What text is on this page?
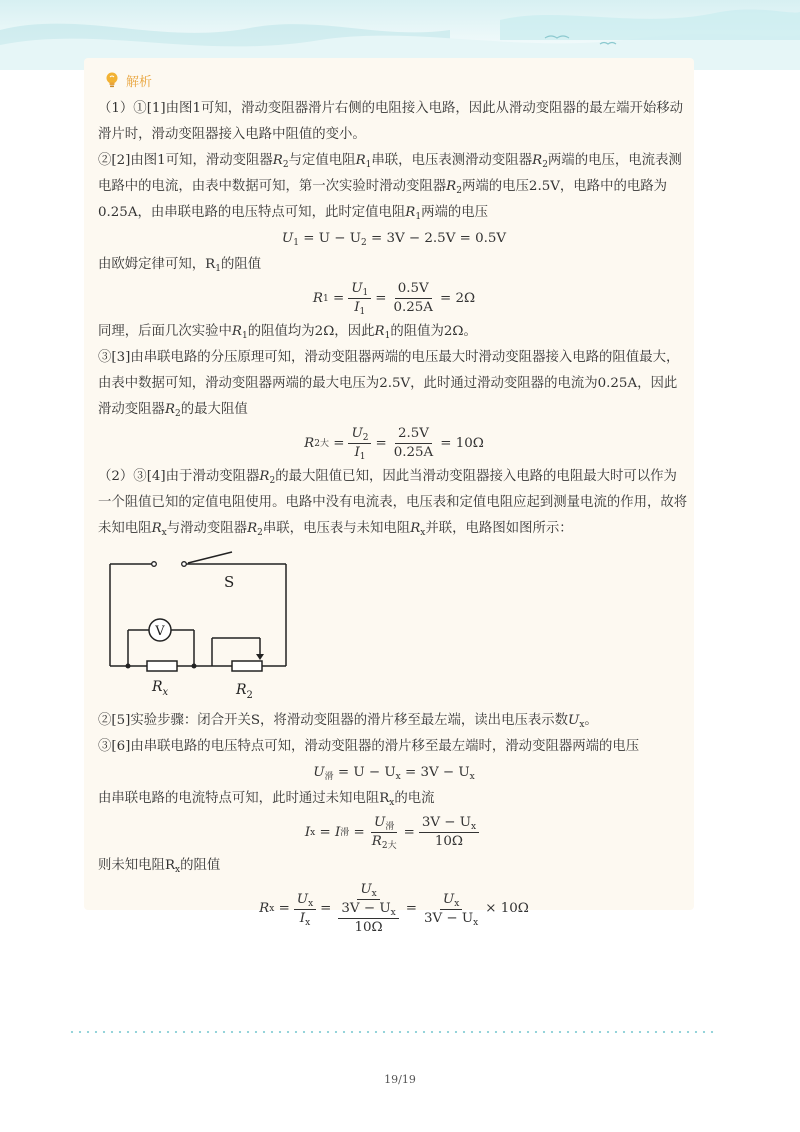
解析

（1）①[1]由图1可知，滑动变阻器滑片右侧的电阻接入电路，因此从滑动变阻器的最左端开始移动滑片时，滑动变阻器接入电路中阻值的变小。

②[2]由图1可知，滑动变阻器$R_2$与定值电阻$R_1$串联，电压表测滑动变阻器$R_2$两端的电压，电流表测电路中的电流，由表中数据可知，第一次实验时滑动变阻器$R_2$两端的电压2.5V，电路中的电路为0.25A，由串联电路的电压特点可知，此时定值电阻$R_1$两端的电压

$U_1 = U - U_2 = 3V - 2.5V = 0.5V$

由欧姆定律可知，$R_1$的阻值

R $1 = \frac{U_1}{I_1} = \frac{0.5V}{0.25A} = 2\Omega$

同理，后面几次实验中$R_1$的阻值均为2Ω，因此$R_1$的阻值为2Ω。

③[3]由串联电路的分压原理可知，滑动变阻器两端的电压最大时滑动变阻器接入电路的阻值最大，由表中数据可知，滑动变阻器两端的最大电压为2.5V，此时通过滑动变阻器的电流为0.25A，因此滑动变阻器$R_2$的最大阻值

R 2大 = $\frac{U_2}{I_1} = \frac{2.5V}{0.25A} = 10\Omega$

（2）③[4]由于滑动变阻器$R_2$的最大阻值已知，因此当滑动变阻器接入电路的电阻最大时可以作为一个阻值已知的定值电阻使用。电路中没有电流表，电压表和定值电阻应起到测量电流的作用，故将未知电阻$R_x$与滑动变阻器$R_2$串联，电压表与未知电阻$R_x$并联，电路图如图所示：

S
V
$R_x$	$R_2$

②[5]实验步骤：闭合开关S，将滑动变阻器的滑片移至最左端，读出电压表示数$U_x$。

③[6]由串联电路的电压特点可知，滑动变阻器的滑片移至最左端时，滑动变阻器两端的电压

$U_滑 = U - U_x = 3V - U_x$

由串联电路的电流特点可知，此时通过未知电阻$R_x$的电流

I x = I 滑 = $\frac{U_滑}{R_{2大}} = \frac{3V - U_x}{10\Omega}$

则未知电阻$R_x$的阻值

R $x = \frac{U_x}{I_x} = \frac{U_x}{\frac{3V - U_x}{10\Omega}} = \frac{U_x}{3V - U_x} \times 10\Omega$
19/19
